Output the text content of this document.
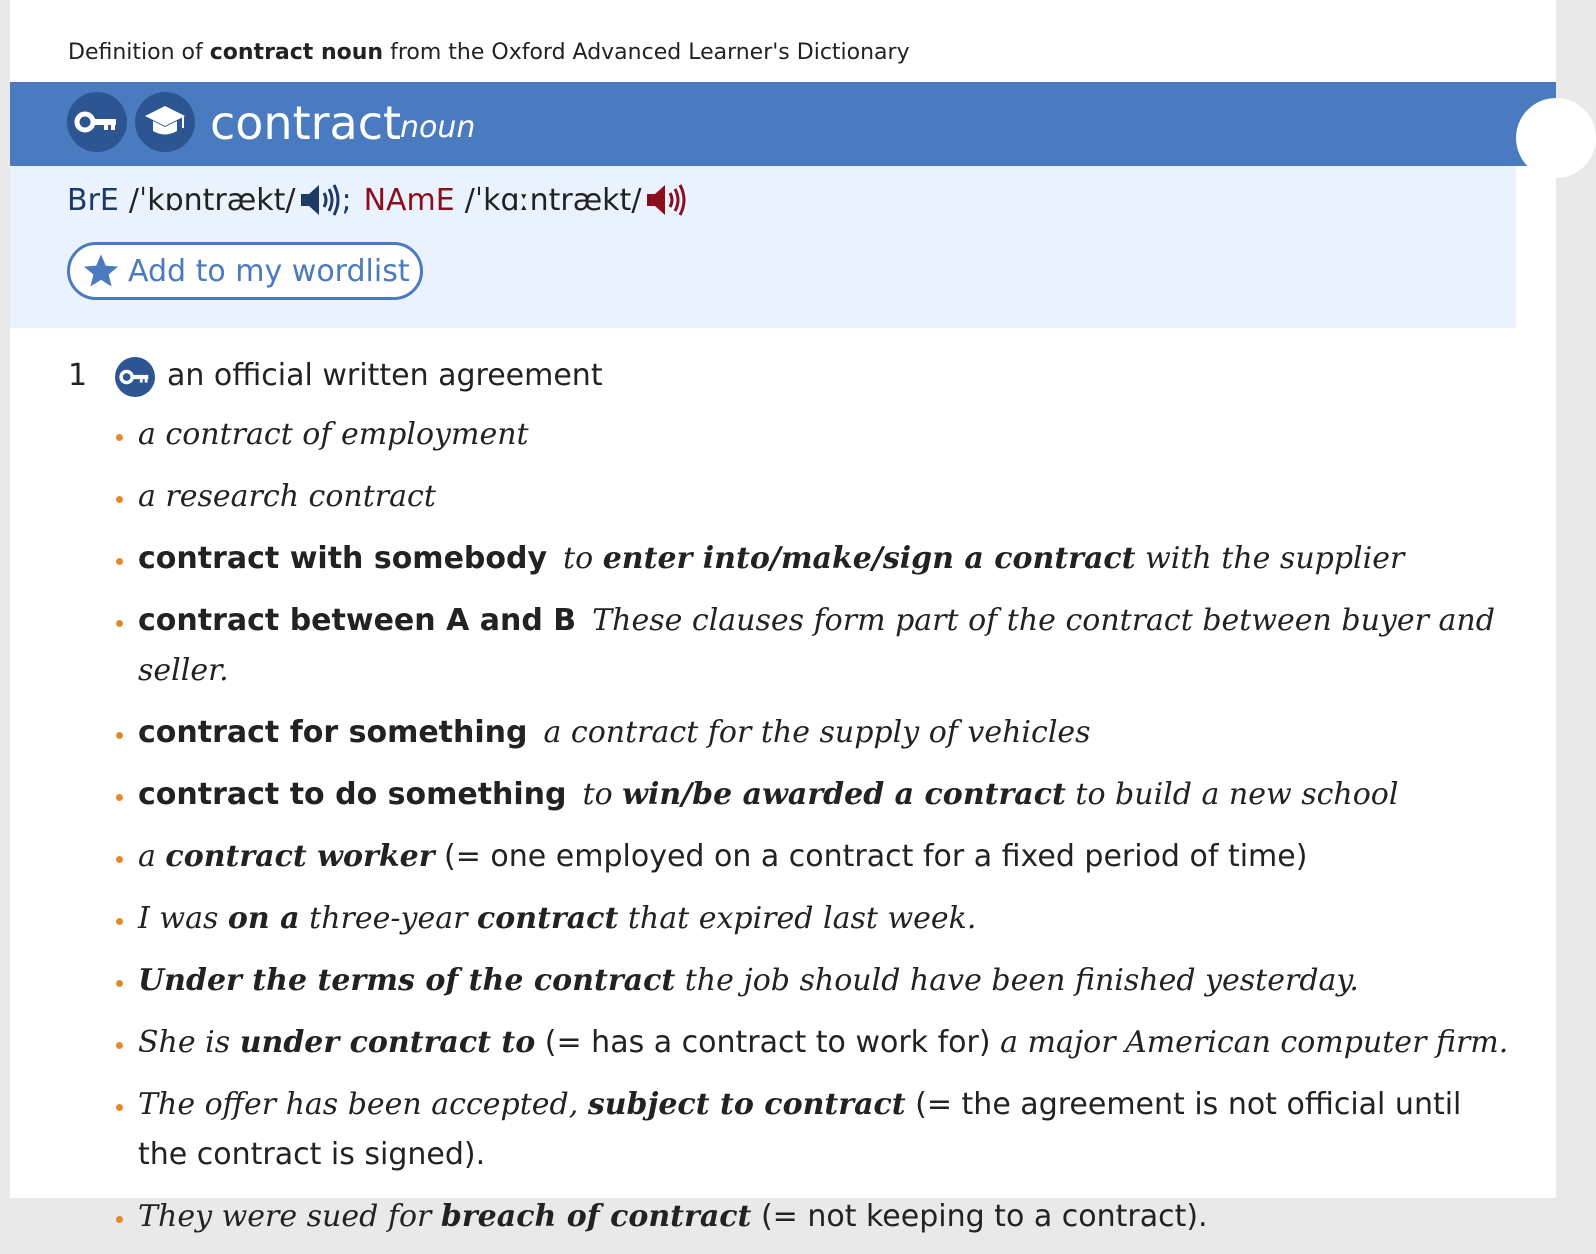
Definition of contract noun from the Oxford Advanced Learner's Dictionary
contract
noun
BrE /ˈkɒntrækt/ ; NAmE /ˈkɑːntrækt/
Add to my wordlist
1	an official written agreement
a contract of employment
a research contract
contract with somebody to enter into/make/sign a contract with the supplier
contract between A and B These clauses form part of the contract between buyer and seller.
contract for something a contract for the supply of vehicles
contract to do something to win/be awarded a contract to build a new school
a contract worker (= one employed on a contract for a fixed period of time)
I was on a three-year contract that expired last week.
Under the terms of the contract the job should have been finished yesterday.
She is under contract to (= has a contract to work for) a major American computer firm.
The offer has been accepted, subject to contract (= the agreement is not official until the contract is signed).
They were sued for breach of contract (= not keeping to a contract).
